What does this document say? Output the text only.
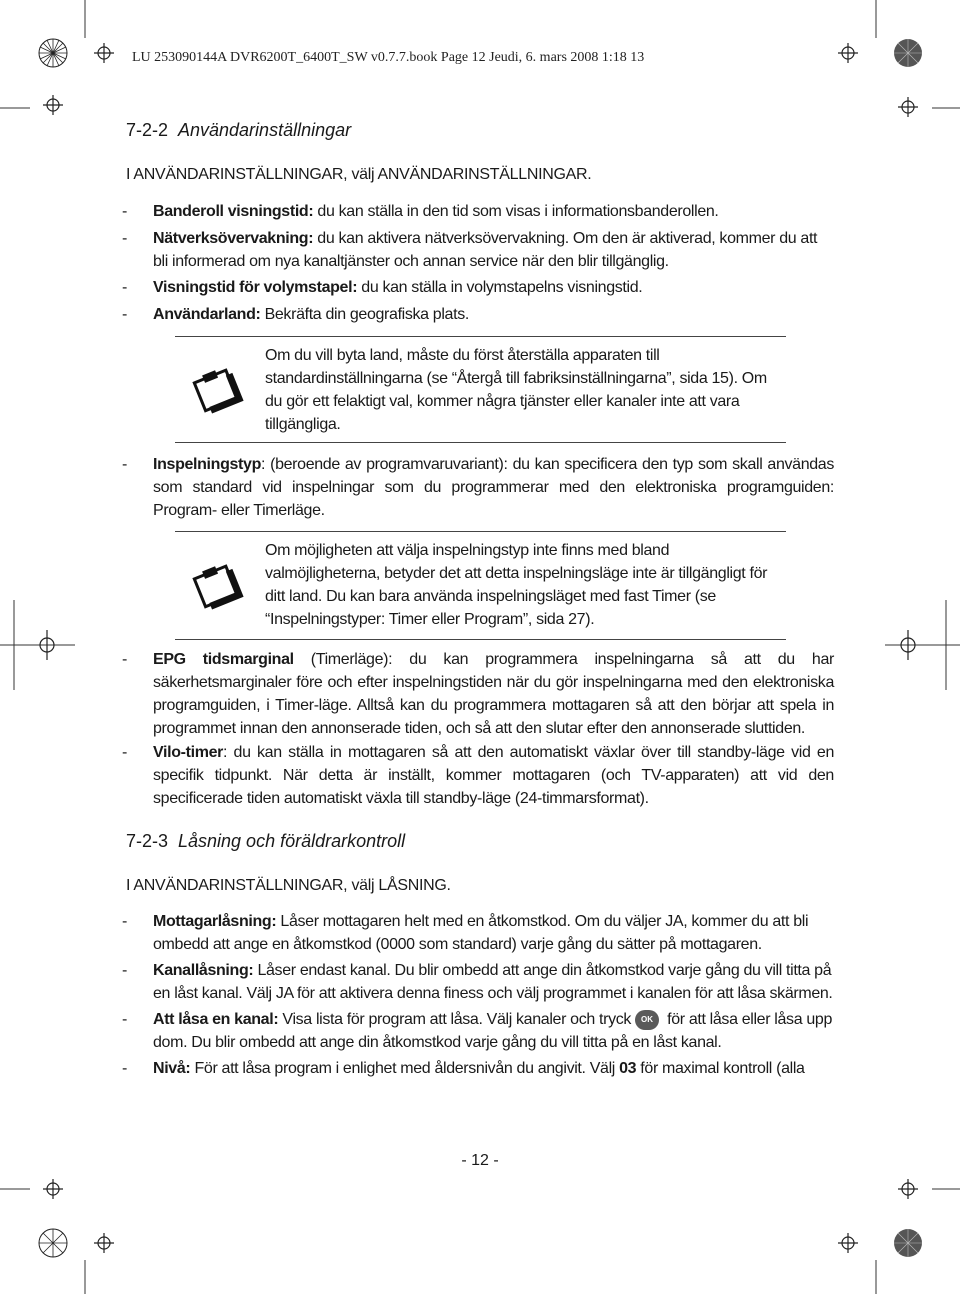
LU 253090144A DVR6200T_6400T_SW v0.7.7.book Page 12 Jeudi, 6. mars 2008 1:18 13
7-2-2 Användarinställningar
I ANVÄNDARINSTÄLLNINGAR, välj ANVÄNDARINSTÄLLNINGAR.
-	Banderoll visningstid: du kan ställa in den tid som visas i informationsbanderollen.
-	Nätverksövervakning: du kan aktivera nätverksövervakning. Om den är aktiverad, kommer du att bli informerad om nya kanaltjänster och annan service när den blir tillgänglig.
-	Visningstid för volymstapel: du kan ställa in volymstapelns visningstid.
-	Användarland: Bekräfta din geografiska plats.
Om du vill byta land, måste du först återställa apparaten till standardinställningarna (se “Återgå till fabriksinställningarna”, sida 15). Om du gör ett felaktigt val, kommer några tjänster eller kanaler inte att vara tillgängliga.
-	Inspelningstyp: (beroende av programvaruvariant): du kan specificera den typ som skall användas som standard vid inspelningar som du programmerar med den elektroniska programguiden: Program- eller Timerläge.
Om möjligheten att välja inspelningstyp inte finns med bland valmöjligheterna, betyder det att detta inspelningsläge inte är tillgängligt för ditt land. Du kan bara använda inspelningsläget med fast Timer (se “Inspelningstyper: Timer eller Program”, sida 27).
-	EPG tidsmarginal (Timerläge): du kan programmera inspelningarna så att du har säkerhetsmarginaler före och efter inspelningstiden när du gör inspelningarna med den elektroniska programguiden, i Timer-läge. Alltså kan du programmera mottagaren så att den börjar att spela in programmet innan den annonserade tiden, och så att den slutar efter den annonserade sluttiden.
-	Vilo-timer: du kan ställa in mottagaren så att den automatiskt växlar över till standby-läge vid en specifik tidpunkt. När detta är inställt, kommer mottagaren (och TV-apparaten) att vid den specificerade tiden automatiskt växla till standby-läge (24-timmarsformat).
7-2-3 Låsning och föräldrarkontroll
I ANVÄNDARINSTÄLLNINGAR, välj LÅSNING.
-	Mottagarlåsning: Låser mottagaren helt med en åtkomstkod. Om du väljer JA, kommer du att bli ombedd att ange en åtkomstkod (0000 som standard) varje gång du sätter på mottagaren.
-	Kanallåsning: Låser endast kanal. Du blir ombedd att ange din åtkomstkod varje gång du vill titta på en låst kanal. Välj JA för att aktivera denna finess och välj programmet i kanalen för att låsa skärmen.
-	Att låsa en kanal: Visa lista för program att låsa. Välj kanaler och tryck OK för att låsa eller låsa upp dom. Du blir ombedd att ange din åtkomstkod varje gång du vill titta på en låst kanal.
-	Nivå: För att låsa program i enlighet med åldersnivån du angivit. Välj 03 för maximal kontroll (alla
- 12 -
